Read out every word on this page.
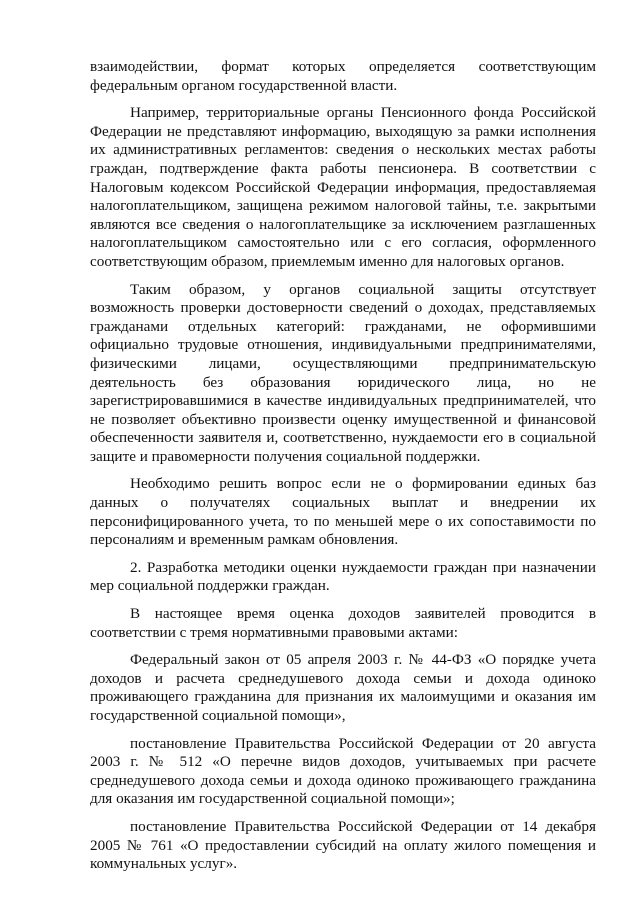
взаимодействии, формат которых определяется соответствующим федеральным органом государственной власти.

Например, территориальные органы Пенсионного фонда Российской Федерации не представляют информацию, выходящую за рамки исполнения их административных регламентов: сведения о нескольких местах работы граждан, подтверждение факта работы пенсионера. В соответствии с Налоговым кодексом Российской Федерации информация, предоставляемая налогоплательщиком, защищена режимом налоговой тайны, т.е. закрытыми являются все сведения о налогоплательщике за исключением разглашенных налогоплательщиком самостоятельно или с его согласия, оформленного соответствующим образом, приемлемым именно для налоговых органов.

Таким образом, у органов социальной защиты отсутствует возможность проверки достоверности сведений о доходах, представляемых гражданами отдельных категорий: гражданами, не оформившими официально трудовые отношения, индивидуальными предпринимателями, физическими лицами, осуществляющими предпринимательскую деятельность без образования юридического лица, но не зарегистрировавшимися в качестве индивидуальных предпринимателей, что не позволяет объективно произвести оценку имущественной и финансовой обеспеченности заявителя и, соответственно, нуждаемости его в социальной защите и правомерности получения социальной поддержки.

Необходимо решить вопрос если не о формировании единых баз данных о получателях социальных выплат и внедрении их персонифицированного учета, то по меньшей мере о их сопоставимости по персоналиям и временным рамкам обновления.

2. Разработка методики оценки нуждаемости граждан при назначении мер социальной поддержки граждан.

В настоящее время оценка доходов заявителей проводится в соответствии с тремя нормативными правовыми актами:

Федеральный закон от 05 апреля 2003 г. № 44-ФЗ «О порядке учета доходов и расчета среднедушевого дохода семьи и дохода одиноко проживающего гражданина для признания их малоимущими и оказания им государственной социальной помощи»,

постановление Правительства Российской Федерации от 20 августа 2003 г. № 512 «О перечне видов доходов, учитываемых при расчете среднедушевого дохода семьи и дохода одиноко проживающего гражданина для оказания им государственной социальной помощи»;

постановление Правительства Российской Федерации от 14 декабря 2005 № 761 «О предоставлении субсидий на оплату жилого помещения и коммунальных услуг».
